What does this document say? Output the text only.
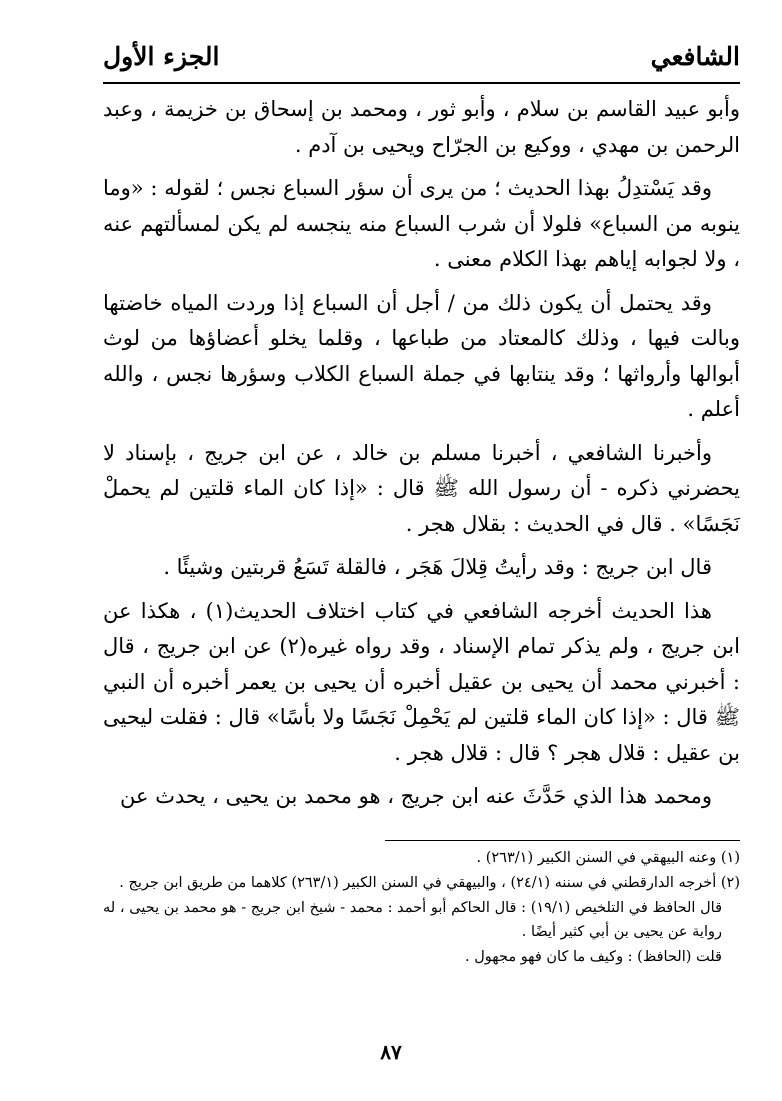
الشافعي
الجزء الأول

وأبو عبيد القاسم بن سلام ، وأبو ثور ، ومحمد بن إسحاق بن خزيمة ، وعبد الرحمن بن مهدي ، ووكيع بن الجرّاح ويحيى بن آدم .

وقد يَسْتدِلُ بهذا الحديث ؛ من يرى أن سؤر السباع نجس ؛ لقوله : «وما ينوبه من السباع» فلولا أن شرب السباع منه ينجسه لم يكن لمسألتهم عنه ، ولا لجوابه إياهم بهذا الكلام معنى .

وقد يحتمل أن يكون ذلك من / أجل أن السباع إذا وردت المياه خاضتها وبالت فيها ، وذلك كالمعتاد من طباعها ، وقلما يخلو أعضاؤها من لوث أبوالها وأرواثها ؛ وقد ينتابها في جملة السباع الكلاب وسؤرها نجس ، والله أعلم .

وأخبرنا الشافعي ، أخبرنا مسلم بن خالد ، عن ابن جريج ، بإسناد لا يحضرني ذكره - أن رسول الله ﷺ قال : «إذا كان الماء قلتين لم يحملْ نَجَسًا» . قال في الحديث : بقلال هجر .

قال ابن جريج : وقد رأيتُ قِلالَ هَجَر ، فالقلة تَسَعُ قربتين وشيئًا .

هذا الحديث أخرجه الشافعي في كتاب اختلاف الحديث(١) ، هكذا عن ابن جريج ، ولم يذكر تمام الإسناد ، وقد رواه غيره(٢) عن ابن جريج ، قال : أخبرني محمد أن يحيى بن عقيل أخبره أن يحيى بن يعمر أخبره أن النبي ﷺ قال : «إذا كان الماء قلتين لم يَحْمِلْ نَجَسًا ولا بأسًا» قال : فقلت ليحيى بن عقيل : قلال هجر ؟ قال : قلال هجر .

ومحمد هذا الذي حَدَّثَ عنه ابن جريج ، هو محمد بن يحيى ، يحدث عن

(١) وعنه البيهقي في السنن الكبير (٢٦٣/١) .
(٢) أخرجه الدارقطني في سننه (٢٤/١) ، والبيهقي في السنن الكبير (٢٦٣/١) كلاهما من طريق ابن جريج .
قال الحافظ في التلخيص (١٩/١) : قال الحاكم أبو أحمد : محمد - شيخ ابن جريج - هو محمد بن يحيى ، له رواية عن يحيى بن أبي كثير أيضًا .
قلت (الحافظ) : وكيف ما كان فهو مجهول .
٨٧
